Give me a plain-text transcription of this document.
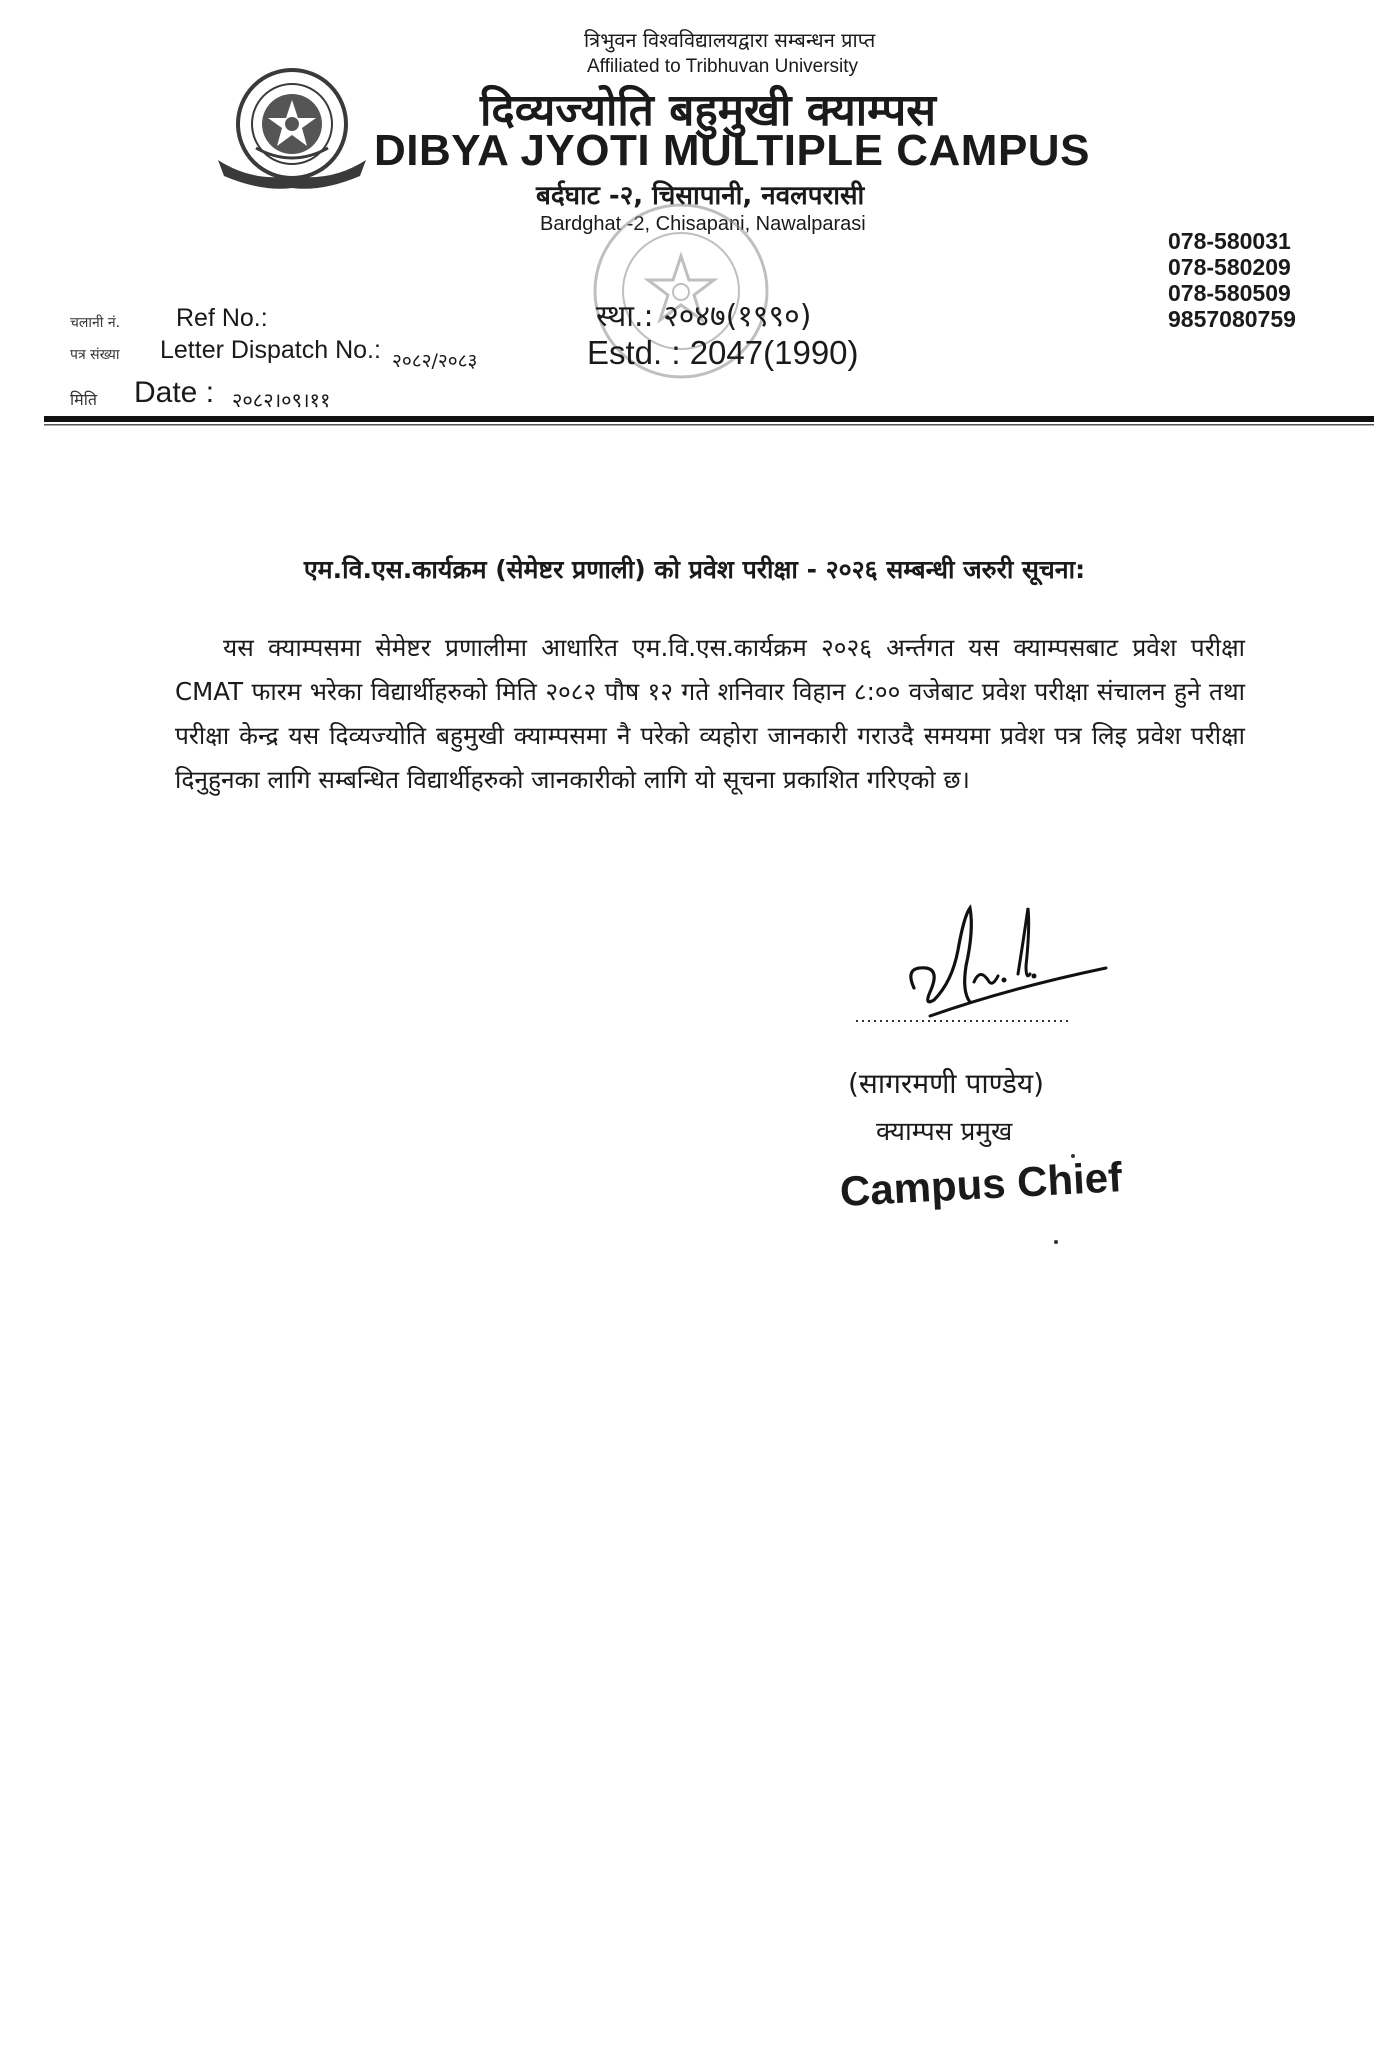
त्रिभुवन विश्वविद्यालयद्वारा सम्बन्धन प्राप्त
Affiliated to Tribhuvan University
दिव्यज्योति बहुमुखी क्याम्पस
DIBYA JYOTI MULTIPLE CAMPUS
बर्दघाट -२, चिसापानी, नवलपरासी
Bardghat -2, Chisapani, Nawalparasi
078-580031
078-580209
078-580509
9857080759
स्था.: २०४७(१९९०)
Estd. : 2047(1990)
चलानी नं. Ref No.:
पत्र संख्या Letter Dispatch No.: २०८२/२०८३
मिति Date : २०८२।०९।११
एम.वि.एस.कार्यक्रम (सेमेष्टर प्रणाली) को प्रवेश परीक्षा - २०२६ सम्बन्धी जरुरी सूचना:
यस क्याम्पसमा सेमेष्टर प्रणालीमा आधारित एम.वि.एस.कार्यक्रम २०२६ अर्न्तगत यस क्याम्पसबाट प्रवेश परीक्षा CMAT फारम भरेका विद्यार्थीहरुको मिति २०८२ पौष १२ गते शनिवार विहान ८:०० वजेबाट प्रवेश परीक्षा संचालन हुने तथा परीक्षा केन्द्र यस दिव्यज्योति बहुमुखी क्याम्पसमा नै परेको व्यहोरा जानकारी गराउदै समयमा प्रवेश पत्र लिइ प्रवेश परीक्षा दिनुहुनका लागि सम्बन्धित विद्यार्थीहरुको जानकारीको लागि यो सूचना प्रकाशित गरिएको छ।
(सागरमणी पाण्डेय)
क्याम्पस प्रमुख
Campus Chief
